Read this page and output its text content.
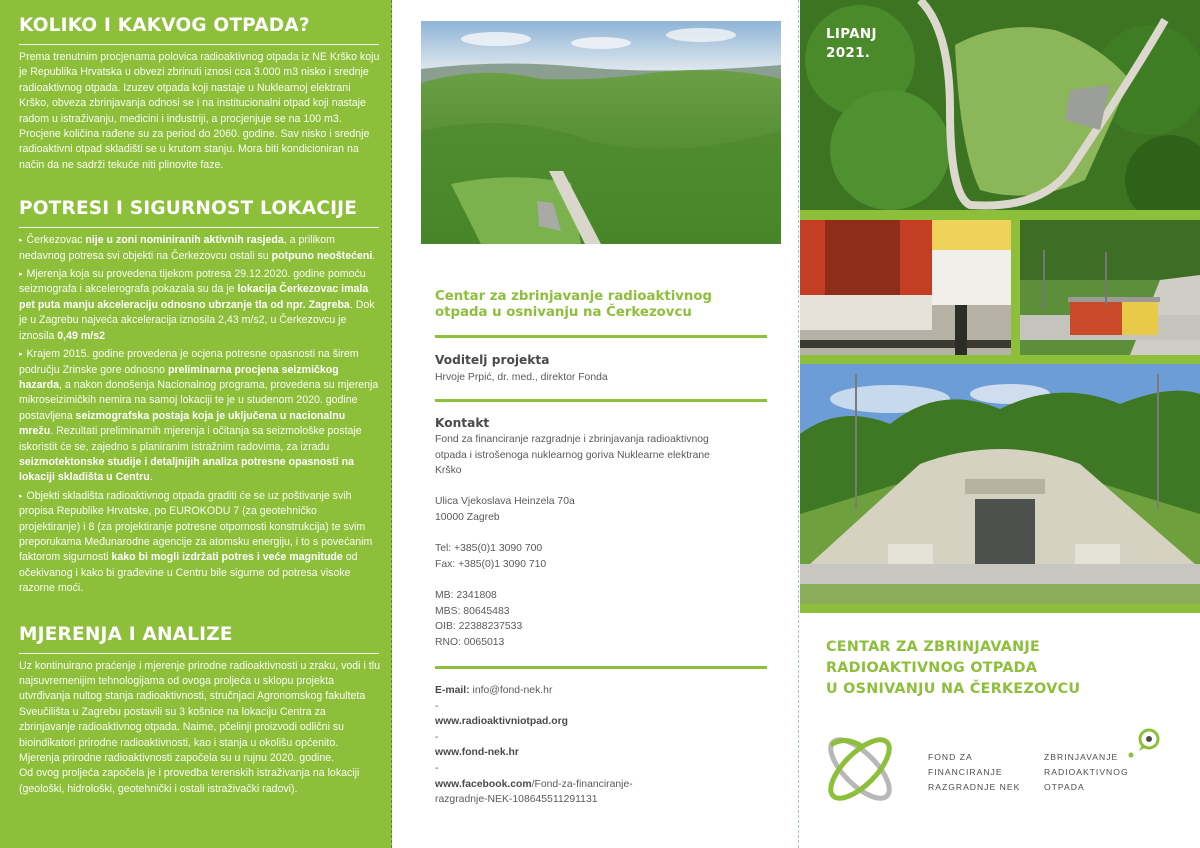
KOLIKO I KAKVOG OTPADA?
Prema trenutnim procjenama polovica radioaktivnog otpada iz NE Krško koju je Republika Hrvatska u obvezi zbrinuti iznosi cca 3.000 m3 nisko i srednje radioaktivnog otpada. Izuzev otpada koji nastaje u Nuklearnoj elektrani Krško, obveza zbrinjavanja odnosi se i na institucionalni otpad koji nastaje radom u istraživanju, medicini i industriji, a procjenjuje se na 100 m3. Procjene količina rađene su za period do 2060. godine. Sav nisko i srednje radioaktivni otpad skladišti se u krutom stanju. Mora biti kondicioniran na način da ne sadrži tekuće niti plinovite faze.
POTRESI I SIGURNOST LOKACIJE
▸ Čerkezovac nije u zoni nominiranih aktivnih rasjeda, a prilikom nedavnog potresa svi objekti na Čerkezovcu ostali su potpuno neoštećeni.
▸ Mjerenja koja su provedena tijekom potresa 29.12.2020. godine pomoću seizmografa i akcelerografa pokazala su da je lokacija Čerkezovac imala pet puta manju akceleraciju odnosno ubrzanje tla od npr. Zagreba. Dok je u Zagrebu najveća akceleracija iznosila 2,43 m/s2, u Čerkezovcu je iznosila 0,49 m/s2
▸ Krajem 2015. godine provedena je ocjena potresne opasnosti na širem području Zrinske gore odnosno preliminarna procjena seizmičkog hazarda, a nakon donošenja Nacionalnog programa, provedena su mjerenja mikroseizimičkih nemira na samoj lokaciji te je u studenom 2020. godine postavljena seizmografska postaja koja je uključena u nacionalnu mrežu. Rezultati preliminarnih mjerenja i očitanja sa seizmološke postaje iskoristit će se, zajedno s planiranim istražnim radovima, za izradu seizmotektonske studije i detaljnijih analiza potresne opasnosti na lokaciji skladišta u Centru.
▸ Objekti skladišta radioaktivnog otpada graditi će se uz poštivanje svih propisa Republike Hrvatske, po EUROKODU 7 (za geotehničko projektiranje) i 8 (za projektiranje potresne otpornosti konstrukcija) te svim preporukama Međunarodne agencije za atomsku energiju, i to s povećanim faktorom sigurnosti kako bi mogli izdržati potres i veće magnitude od očekivanog i kako bi građevine u Centru bile sigurne od potresa visoke razorne moći.
MJERENJA I ANALIZE
Uz kontinuirano praćenje i mjerenje prirodne radioaktivnosti u zraku, vodi i tlu najsuvremenijim tehnologijama od ovoga proljeća u sklopu projekta utvrđivanja nultog stanja radioaktivnosti, stručnjaci Agronomskog fakulteta Sveučilišta u Zagrebu postavili su 3 košnice na lokaciju Centra za zbrinjavanje radioaktivnog otpada. Naime, pčelinji proizvodi odlični su bioindikatori prirodne radioaktivnosti, kao i stanja u okolišu općenito. Mjerenja prirodne radioaktivnosti započela su u rujnu 2020. godine.
Od ovog proljeća započela je i provedba terenskih istraživanja na lokaciji (geološki, hidrološki, geotehnički i ostali istraživački radovi).
Centar za zbrinjavanje radioaktivnog
otpada u osnivanju na Čerkezovcu
Voditelj projekta
Hrvoje Prpić, dr. med., direktor Fonda
Kontakt
Fond za financiranje razgradnje i zbrinjavanja radioaktivnog
otpada i istrošenoga nuklearnog goriva Nuklearne elektrane
Krško
Ulica Vjekoslava Heinzela 70a
10000 Zagreb
Tel: +385(0)1 3090 700
Fax: +385(0)1 3090 710
MB: 2341808
MBS: 80645483
OIB: 22388237533
RNO: 0065013
E-mail: info@fond-nek.hr
-
www.radioaktivniotpad.org
-
www.fond-nek.hr
-
www.facebook.com/Fond-za-financiranje-
razgradnje-NEK-108645511291131
LIPANJ
2021.
CENTAR ZA ZBRINJAVANJE
RADIOAKTIVNOG OTPADA
U OSNIVANJU NA ČERKEZOVCU
FOND ZA
FINANCIRANJE
RAZGRADNJE NEK
ZBRINJAVANJE
RADIOAKTIVNOG
OTPADA
